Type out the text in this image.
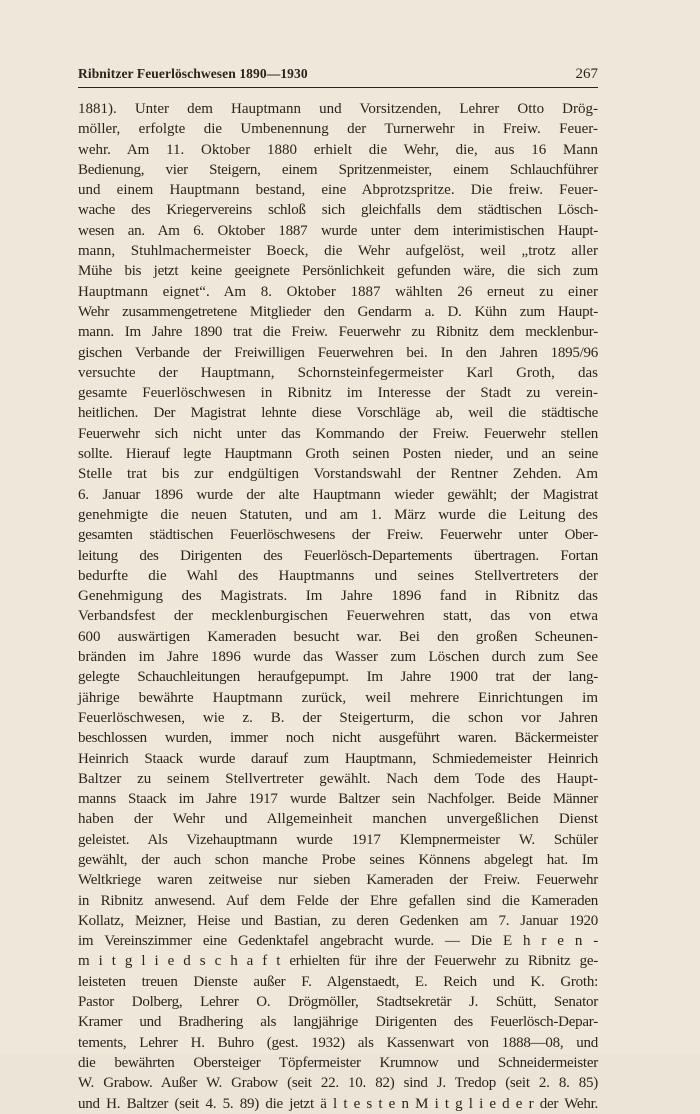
Ribnitzer Feuerlöschwesen 1890—1930	267
1881). Unter dem Hauptmann und Vorsitzenden, Lehrer Otto Drög-
möller, erfolgte die Umbenennung der Turnerwehr in Freiw. Feuer-
wehr. Am 11. Oktober 1880 erhielt die Wehr, die, aus 16 Mann
Bedienung, vier Steigern, einem Spritzenmeister, einem Schlauchführer
und einem Hauptmann bestand, eine Abprotzspritze. Die freiw. Feuer-
wache des Kriegervereins schloß sich gleichfalls dem städtischen Lösch-
wesen an. Am 6. Oktober 1887 wurde unter dem interimistischen Haupt-
mann, Stuhlmachermeister Boeck, die Wehr aufgelöst, weil „trotz aller
Mühe bis jetzt keine geeignete Persönlichkeit gefunden wäre, die sich zum
Hauptmann eignet“. Am 8. Oktober 1887 wählten 26 erneut zu einer
Wehr zusammengetretene Mitglieder den Gendarm a. D. Kühn zum Haupt-
mann. Im Jahre 1890 trat die Freiw. Feuerwehr zu Ribnitz dem mecklenbur-
gischen Verbande der Freiwilligen Feuerwehren bei. In den Jahren 1895/96
versuchte der Hauptmann, Schornsteinfegermeister Karl Groth, das
gesamte Feuerlöschwesen in Ribnitz im Interesse der Stadt zu verein-
heitlichen. Der Magistrat lehnte diese Vorschläge ab, weil die städtische
Feuerwehr sich nicht unter das Kommando der Freiw. Feuerwehr stellen
sollte. Hierauf legte Hauptmann Groth seinen Posten nieder, und an seine
Stelle trat bis zur endgültigen Vorstandswahl der Rentner Zehden. Am
6. Januar 1896 wurde der alte Hauptmann wieder gewählt; der Magistrat
genehmigte die neuen Statuten, und am 1. März wurde die Leitung des
gesamten städtischen Feuerlöschwesens der Freiw. Feuerwehr unter Ober-
leitung des Dirigenten des Feuerlösch-Departements übertragen. Fortan
bedurfte die Wahl des Hauptmanns und seines Stellvertreters der
Genehmigung des Magistrats. Im Jahre 1896 fand in Ribnitz das
Verbandsfest der mecklenburgischen Feuerwehren statt, das von etwa
600 auswärtigen Kameraden besucht war. Bei den großen Scheunen-
bränden im Jahre 1896 wurde das Wasser zum Löschen durch zum See
gelegte Schauchleitungen heraufgepumpt. Im Jahre 1900 trat der lang-
jährige bewährte Hauptmann zurück, weil mehrere Einrichtungen im
Feuerlöschwesen, wie z. B. der Steigerturm, die schon vor Jahren
beschlossen wurden, immer noch nicht ausgeführt waren. Bäckermeister
Heinrich Staack wurde darauf zum Hauptmann, Schmiedemeister Heinrich
Baltzer zu seinem Stellvertreter gewählt. Nach dem Tode des Haupt-
manns Staack im Jahre 1917 wurde Baltzer sein Nachfolger. Beide Männer
haben der Wehr und Allgemeinheit manchen unvergeßlichen Dienst
geleistet. Als Vizehauptmann wurde 1917 Klempnermeister W. Schüler
gewählt, der auch schon manche Probe seines Könnens abgelegt hat. Im
Weltkriege waren zeitweise nur sieben Kameraden der Freiw. Feuerwehr
in Ribnitz anwesend. Auf dem Felde der Ehre gefallen sind die Kameraden
Kollatz, Meizner, Heise und Bastian, zu deren Gedenken am 7. Januar 1920
im Vereinszimmer eine Gedenktafel angebracht wurde. — Die E h r e n -
m i t g l i e d s c h a f t erhielten für ihre der Feuerwehr zu Ribnitz ge-
leisteten treuen Dienste außer F. Algenstaedt, E. Reich und K. Groth:
Pastor Dolberg, Lehrer O. Drögmöller, Stadtsekretär J. Schütt, Senator
Kramer und Bradhering als langjährige Dirigenten des Feuerlösch-Depar-
tements, Lehrer H. Buhro (gest. 1932) als Kassenwart von 1888—08, und
die bewährten Obersteiger Töpfermeister Krumnow und Schneidermeister
W. Grabow. Außer W. Grabow (seit 22. 10. 82) sind J. Tredop (seit 2. 8. 85)
und H. Baltzer (seit 4. 5. 89) die jetzt ä l t e s t e n M i t g l i e d e r der Wehr.
